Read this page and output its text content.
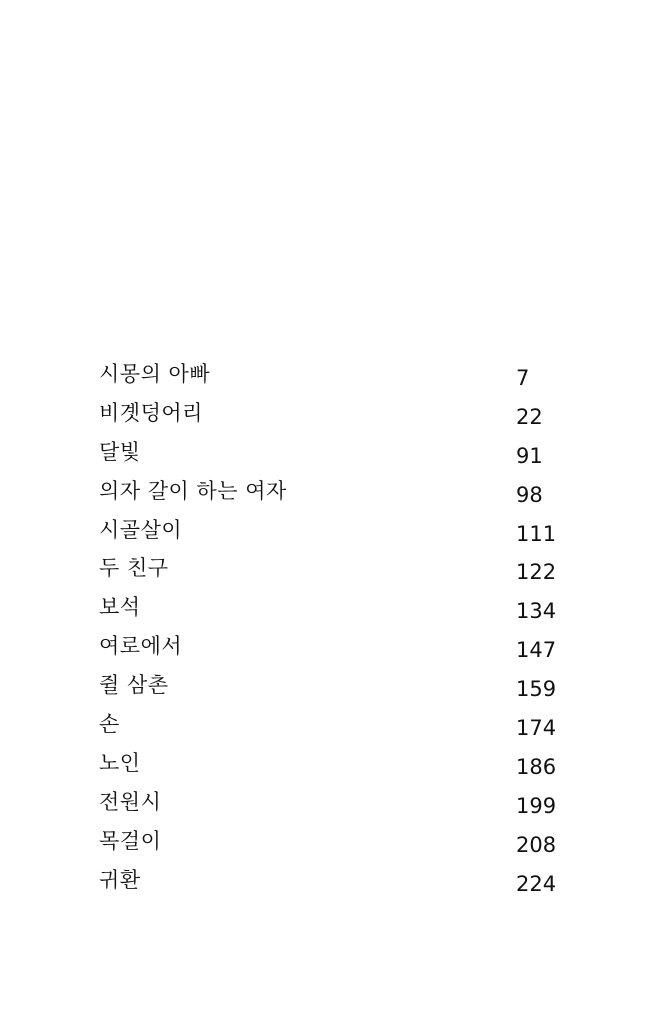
시몽의 아빠	7
비곗덩어리	22
달빛	91
의자 갈이 하는 여자	98
시골살이	111
두 친구	122
보석	134
여로에서	147
쥘 삼촌	159
손	174
노인	186
전원시	199
목걸이	208
귀환	224
